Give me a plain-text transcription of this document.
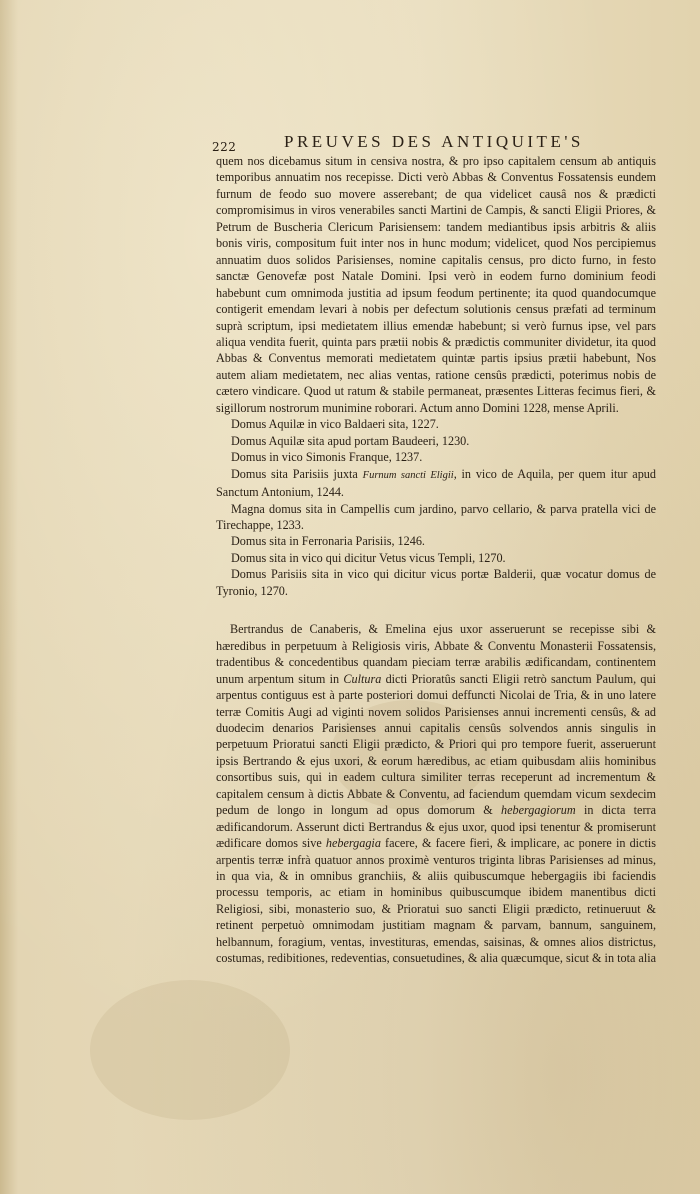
222	PREUVES DES ANTIQUITE'S

quem nos dicebamus situm in censiva nostra, & pro ipso capitalem censum ab antiquis temporibus annuatim nos recepisse. Dicti verò Abbas & Conventus Fossatensis eundem furnum de feodo suo movere asserebant; de qua videlicet causâ nos & prædicti compromisimus in viros venerabiles sancti Martini de Campis, & sancti Eligii Priores, & Petrum de Buscheria Clericum Parisiensem: tandem mediantibus ipsis arbitris & aliis bonis viris, compositum fuit inter nos in hunc modum; videlicet, quod Nos percipiemus annuatim duos solidos Parisienses, nomine capitalis census, pro dicto furno, in festo sanctæ Genovefæ post Natale Domini. Ipsi verò in eodem furno dominium feodi habebunt cum omnimoda justitia ad ipsum feodum pertinente; ita quod quandocumque contigerit emendam levari à nobis per defectum solutionis census præfati ad terminum suprà scriptum, ipsi medietatem illius emendæ habebunt; si verò furnus ipse, vel pars aliqua vendita fuerit, quinta pars prætii nobis & prædictis communiter dividetur, ita quod Abbas & Conventus memorati medietatem quintæ partis ipsius prætii habebunt, Nos autem aliam medietatem, nec alias ventas, ratione censûs prædicti, poterimus nobis de cætero vindicare. Quod ut ratum & stabile permaneat, præsentes Litteras fecimus fieri, & sigillorum nostrorum munimine roborari. Actum anno Domini 1228, mense Aprili.

Domus Aquilæ in vico Baldaeri sita, 1227.

Domus Aquilæ sita apud portam Baudeeri, 1230.

Domus in vico Simonis Franque, 1237.

Domus sita Parisiis juxta Furnum sancti Eligii, in vico de Aquila, per quem itur apud Sanctum Antonium, 1244.

Magna domus sita in Campellis cum jardino, parvo cellario, & parva pratella vici de Tirechappe, 1233.

Domus sita in Ferronaria Parisiis, 1246.

Domus sita in vico qui dicitur Vetus vicus Templi, 1270.

Domus Parisiis sita in vico qui dicitur vicus portæ Balderii, quæ vocatur domus de Tyronio, 1270.

Bertrandus de Canaberis, & Emelina ejus uxor asseruerunt se recepisse sibi & hæredibus in perpetuum à Religiosis viris, Abbate & Conventu Monasterii Fossatensis, tradentibus & concedentibus quandam pieciam terræ arabilis ædificandam, continentem unum arpentum situm in Cultura dicti Prioratûs sancti Eligii retrò sanctum Paulum, qui arpentus contiguus est à parte posteriori domui deffuncti Nicolai de Tria, & in uno latere terræ Comitis Augi ad viginti novem solidos Parisienses annui incrementi censûs, & ad duodecim denarios Parisienses annui capitalis censûs solvendos annis singulis in perpetuum Prioratui sancti Eligii prædicto, & Priori qui pro tempore fuerit, asseruerunt ipsis Bertrando & ejus uxori, & eorum hæredibus, ac etiam quibusdam aliis hominibus consortibus suis, qui in eadem cultura similiter terras receperunt ad incrementum & capitalem censum à dictis Abbate & Conventu, ad faciendum quemdam vicum sexdecim pedum de longo in longum ad opus domorum & hebergagiorum in dicta terra ædificandorum. Asserunt dicti Bertrandus & ejus uxor, quod ipsi tenentur & promiserunt ædificare domos sive hebergagia facere, & facere fieri, & implicare, ac ponere in dictis arpentis terræ infrà quatuor annos proximè venturos triginta libras Parisienses ad minus, in qua via, & in omnibus granchiis, & aliis quibuscumque hebergagiis ibi faciendis processu temporis, ac etiam in hominibus quibuscumque ibidem manentibus dicti Religiosi, sibi, monasterio suo, & Prioratui suo sancti Eligii prædicto, retinueruut & retinent perpetuò omnimodam justitiam magnam & parvam, bannum, sanguinem, helbannum, foragium, ventas, investituras, emendas, saisinas, & omnes alios districtus, costumas, redibitiones, redeventias, consuetudines, & alia quæcumque, sicut & in tota alia
